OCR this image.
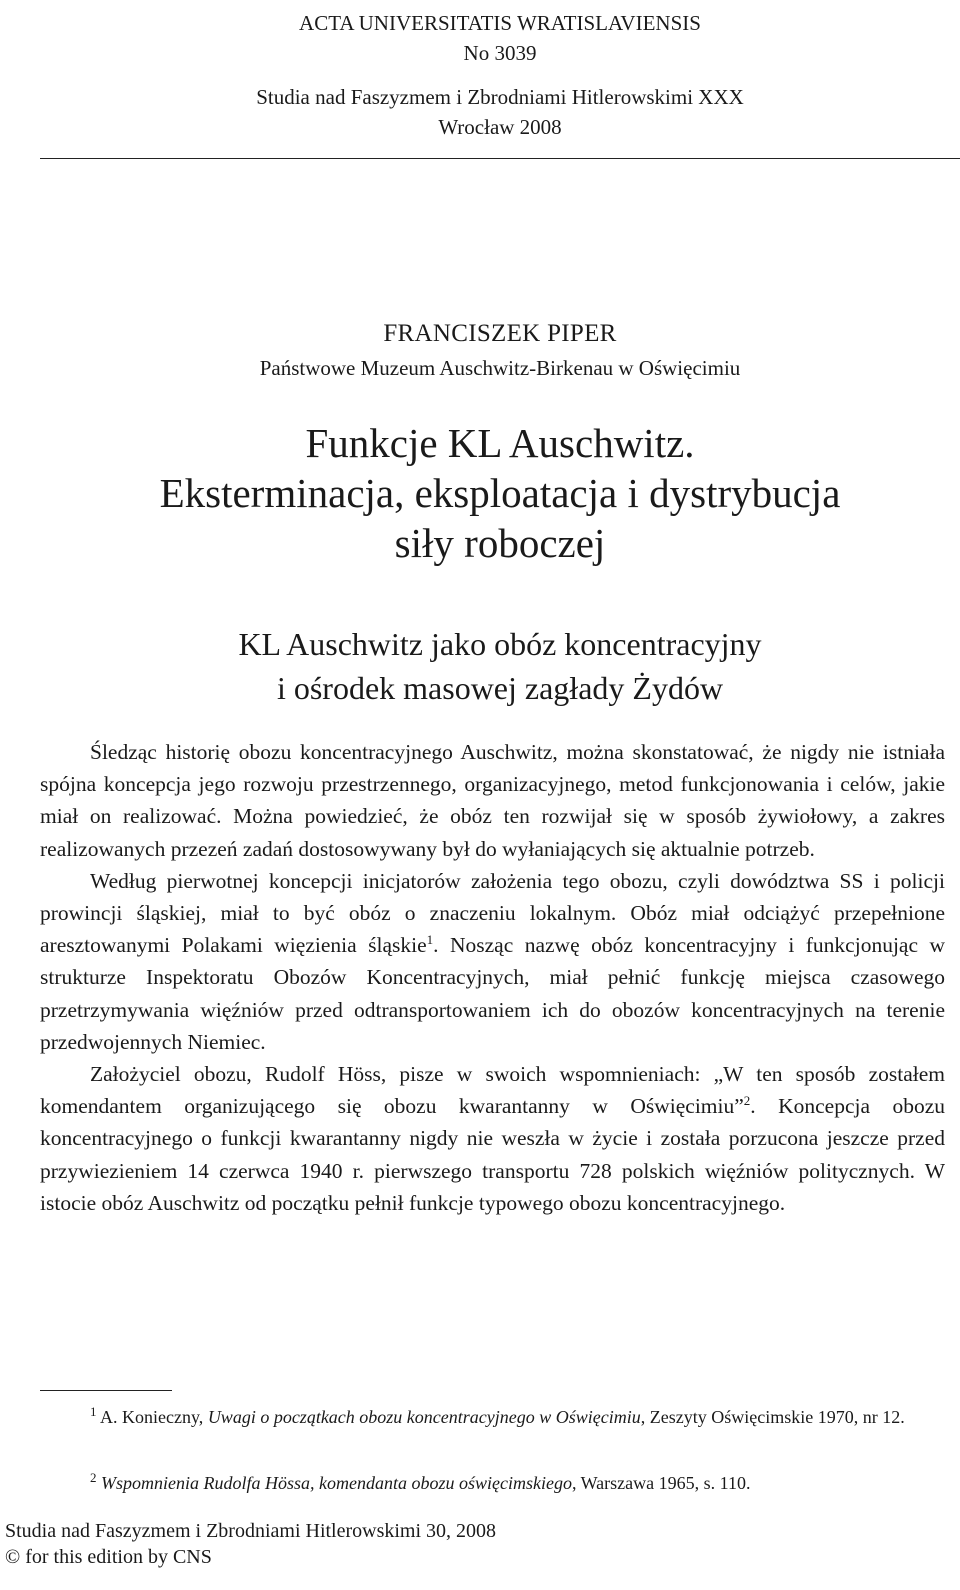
ACTA UNIVERSITATIS WRATISLAVIENSIS
No 3039
Studia nad Faszyzmem i Zbrodniami Hitlerowskimi XXX
Wrocław 2008
FRANCISZEK PIPER
Państwowe Muzeum Auschwitz-Birkenau w Oświęcimiu
Funkcje KL Auschwitz.
Eksterminacja, eksploatacja i dystrybucja
siły roboczej
KL Auschwitz jako obóz koncentracyjny
i ośrodek masowej zagłady Żydów

Śledząc historię obozu koncentracyjnego Auschwitz, można skonstatować, że nigdy nie istniała spójna koncepcja jego rozwoju przestrzennego, organizacyjnego, metod funkcjonowania i celów, jakie miał on realizować. Można powiedzieć, że obóz ten rozwijał się w sposób żywiołowy, a zakres realizowanych przezeń zadań dostosowywany był do wyłaniających się aktualnie potrzeb.

Według pierwotnej koncepcji inicjatorów założenia tego obozu, czyli dowództwa SS i policji prowincji śląskiej, miał to być obóz o znaczeniu lokalnym. Obóz miał odciążyć przepełnione aresztowanymi Polakami więzienia śląskie$^1$. Nosząc nazwę obóz koncentracyjny i funkcjonując w strukturze Inspektoratu Obozów Koncentracyjnych, miał pełnić funkcję miejsca czasowego przetrzymywania więźniów przed odtransportowaniem ich do obozów koncentracyjnych na terenie przedwojennych Niemiec.

Założyciel obozu, Rudolf Höss, pisze w swoich wspomnieniach: „W ten sposób zostałem komendantem organizującego się obozu kwarantanny w Oświęcimiu”$^2$. Koncepcja obozu koncentracyjnego o funkcji kwarantanny nigdy nie weszła w życie i została porzucona jeszcze przed przywiezieniem 14 czerwca 1940 r. pierwszego transportu 728 polskich więźniów politycznych. W istocie obóz Auschwitz od początku pełnił funkcje typowego obozu koncentracyjnego.

$^1$ A. Konieczny, Uwagi o początkach obozu koncentracyjnego w Oświęcimiu, Zeszyty Oświęcimskie 1970, nr 12.

$^2$ Wspomnienia Rudolfa Hössa, komendanta obozu oświęcimskiego, Warszawa 1965, s. 110.

Studia nad Faszyzmem i Zbrodniami Hitlerowskimi 30, 2008
© for this edition by CNS
